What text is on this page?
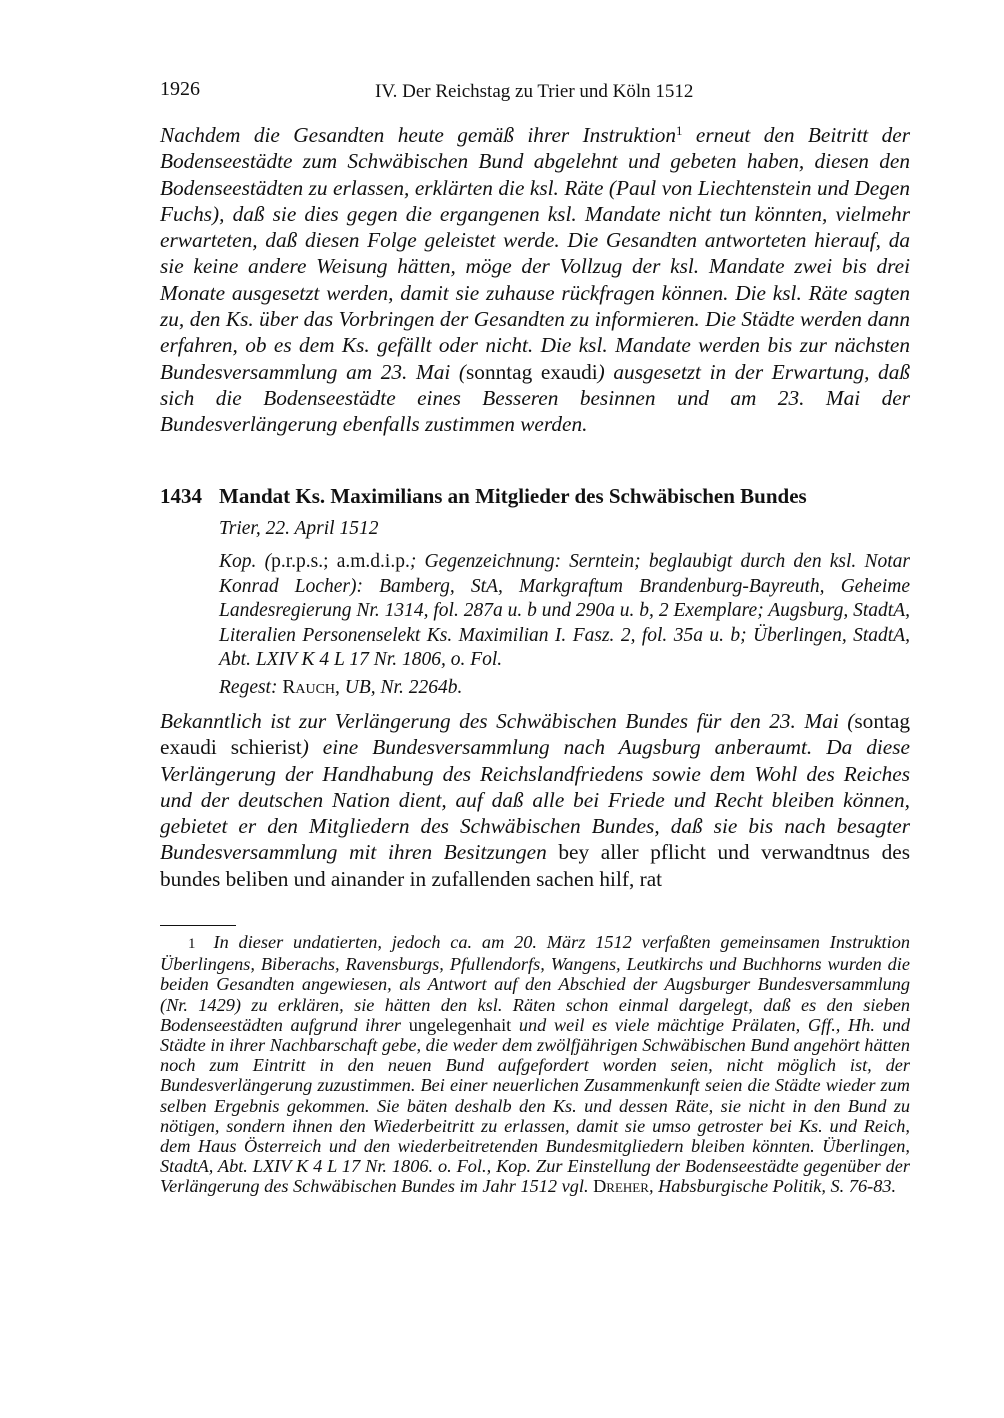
1926	IV. Der Reichstag zu Trier und Köln 1512

Nachdem die Gesandten heute gemäß ihrer Instruktion$^1$ erneut den Beitritt der Bodenseestädte zum Schwäbischen Bund abgelehnt und gebeten haben, diesen den Bodenseestädten zu erlassen, erklärten die ksl. Räte (Paul von Liechtenstein und Degen Fuchs), daß sie dies gegen die ergangenen ksl. Mandate nicht tun könnten, vielmehr erwarteten, daß diesen Folge geleistet werde. Die Gesandten antworteten hierauf, da sie keine andere Weisung hätten, möge der Vollzug der ksl. Mandate zwei bis drei Monate ausgesetzt werden, damit sie zuhause rückfragen können. Die ksl. Räte sagten zu, den Ks. über das Vorbringen der Gesandten zu informieren. Die Städte werden dann erfahren, ob es dem Ks. gefällt oder nicht. Die ksl. Mandate werden bis zur nächsten Bundesversammlung am 23. Mai (sonntag exaudi) ausgesetzt in der Erwartung, daß sich die Bodenseestädte eines Besseren besinnen und am 23. Mai der Bundesverlängerung ebenfalls zustimmen werden.

1434 Mandat Ks. Maximilians an Mitglieder des Schwäbischen Bundes
Trier, 22. April 1512

Kop. (p.r.p.s.; a.m.d.i.p.; Gegenzeichnung: Serntein; beglaubigt durch den ksl. Notar Konrad Locher): Bamberg, StA, Markgraftum Brandenburg-Bayreuth, Geheime Landesregierung Nr. 1314, fol. 287a u. b und 290a u. b, 2 Exemplare; Augsburg, StadtA, Literalien Personenselekt Ks. Maximilian I. Fasz. 2, fol. 35a u. b; Überlingen, StadtA, Abt. LXIV K 4 L 17 Nr. 1806, o. Fol.

Regest: Rauch, UB, Nr. 2264b.

Bekanntlich ist zur Verlängerung des Schwäbischen Bundes für den 23. Mai (sontag exaudi schierist) eine Bundesversammlung nach Augsburg anberaumt. Da diese Verlängerung der Handhabung des Reichslandfriedens sowie dem Wohl des Reiches und der deutschen Nation dient, auf daß alle bei Friede und Recht bleiben können, gebietet er den Mitgliedern des Schwäbischen Bundes, daß sie bis nach besagter Bundesversammlung mit ihren Besitzungen bey aller pflicht und verwandtnus des bundes beliben und ainander in zufallenden sachen hilf, rat

1 In dieser undatierten, jedoch ca. am 20. März 1512 verfaßten gemeinsamen Instruktion Überlingens, Biberachs, Ravensburgs, Pfullendorfs, Wangens, Leutkirchs und Buchhorns wurden die beiden Gesandten angewiesen, als Antwort auf den Abschied der Augsburger Bundesversammlung (Nr. 1429) zu erklären, sie hätten den ksl. Räten schon einmal dargelegt, daß es den sieben Bodenseestädten aufgrund ihrer ungelegenhait und weil es viele mächtige Prälaten, Gff., Hh. und Städte in ihrer Nachbarschaft gebe, die weder dem zwölfjährigen Schwäbischen Bund angehört hätten noch zum Eintritt in den neuen Bund aufgefordert worden seien, nicht möglich ist, der Bundesverlängerung zuzustimmen. Bei einer neuerlichen Zusammenkunft seien die Städte wieder zum selben Ergebnis gekommen. Sie bäten deshalb den Ks. und dessen Räte, sie nicht in den Bund zu nötigen, sondern ihnen den Wiederbeitritt zu erlassen, damit sie umso getroster bei Ks. und Reich, dem Haus Österreich und den wiederbeitretenden Bundesmitgliedern bleiben könnten. Überlingen, StadtA, Abt. LXIV K 4 L 17 Nr. 1806. o. Fol., Kop. Zur Einstellung der Bodenseestädte gegenüber der Verlängerung des Schwäbischen Bundes im Jahr 1512 vgl. Dreher, Habsburgische Politik, S. 76-83.
